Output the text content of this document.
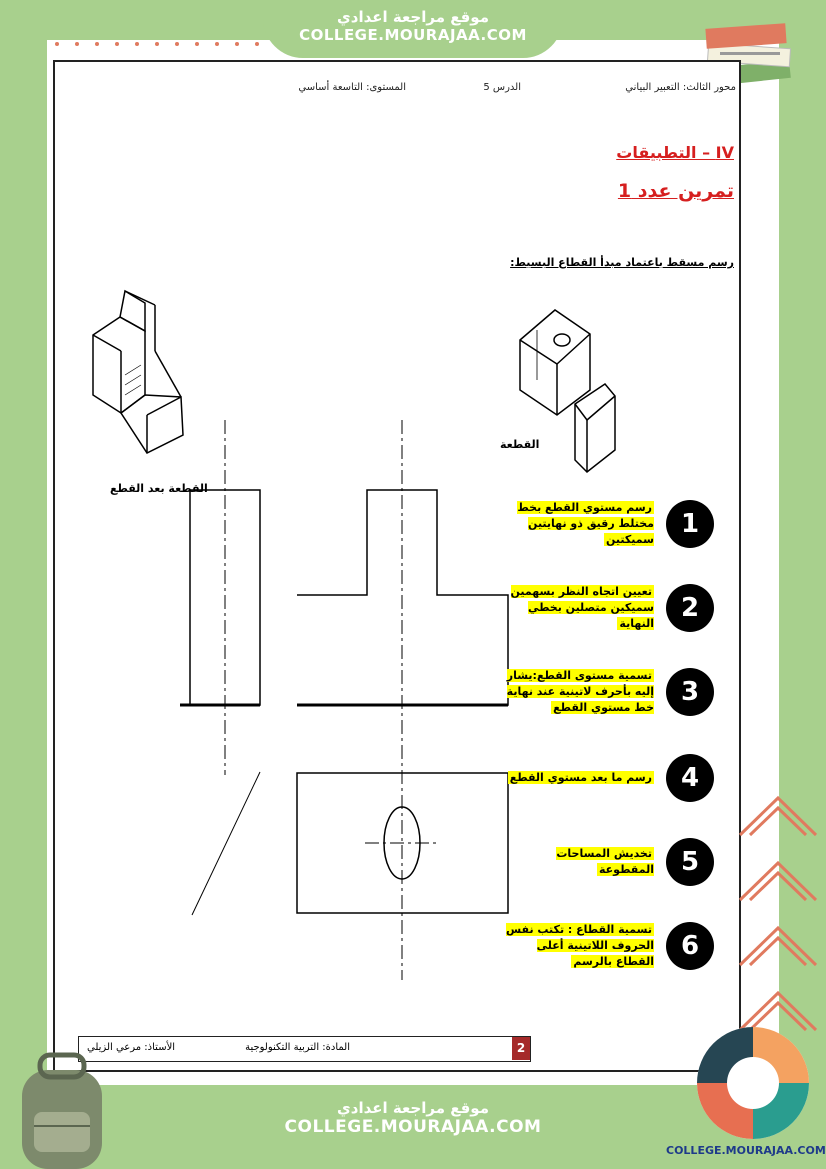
موقع مراجعة اعدادي
COLLEGE.MOURAJAA.COM
محور الثالث: التعبير البياني
الدرس 5
المستوى: التاسعة أساسي
IV – التطبيقات
تمرين عدد 1
رسم مسقط باعتماد مبدأ القطاع البسيط:
القطعة بعد القطع
القطعة
1
رسم مستوي القطع بخط مختلط رقيق ذو نهايتين سميكتين
2
تعيين اتجاه النظر بسهمين سميكين متصلين بخطي النهاية
3
تسمية مستوى القطع:يشار إليه بأحرف لاتينية عند نهاية خط مستوي القطع
4
رسم ما بعد مستوي القطع
5
تخديش المساحات المقطوعة
6
تسمية القطاع : تكتب نفس الحروف اللاتينية أعلى القطاع بالرسم
الأستاذ: مرعي الزيلي	المادة: التربية التكنولوجية	2
COLLEGE.MOURAJAA.COM
موقع مراجعة اعدادي
COLLEGE.MOURAJAA.COM
